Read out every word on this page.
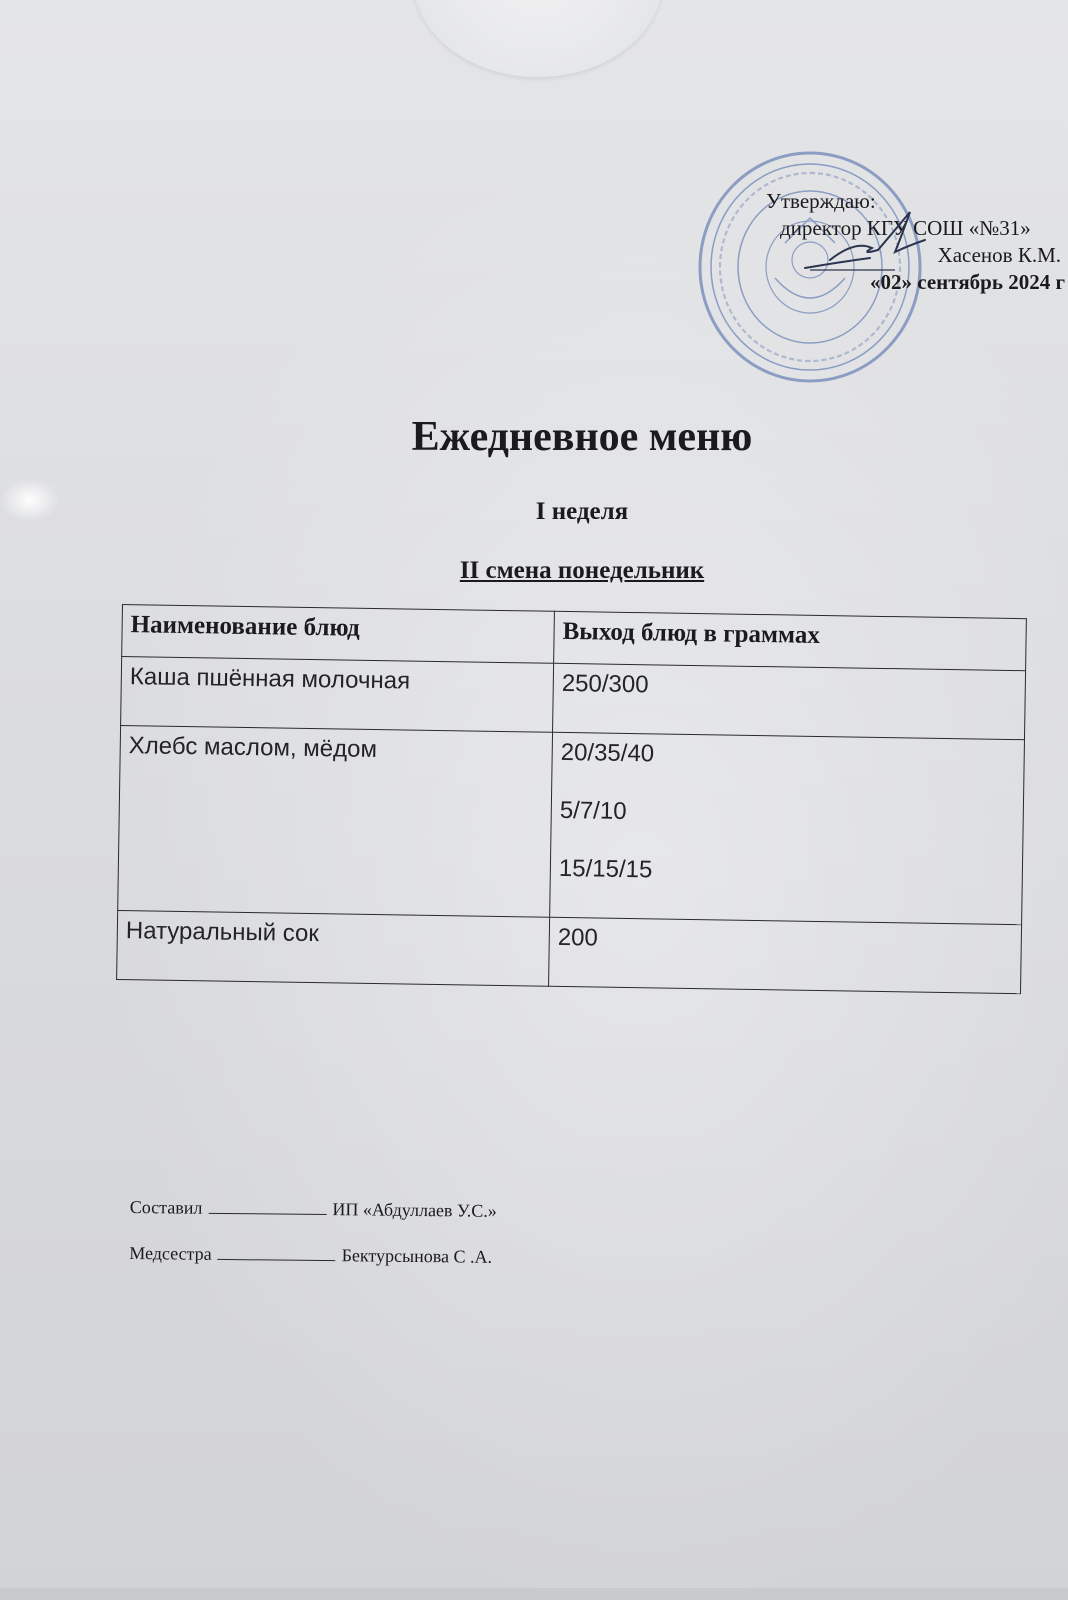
Утверждаю:
директор КГУ СОШ «№31»
Хасенов К.М.
«02» сентябрь 2024 г
Ежедневное меню
I неделя
II смена понедельник
Наименование блюд	Выход блюд в граммах
Каша пшённая молочная	250/300

Хлебс маслом, мёдом	20/35/40
5/7/10
15/15/15

Натуральный сок	200
Составил	ИП «Абдуллаев У.С.»
Медсестра	Бектурсынова С .А.
